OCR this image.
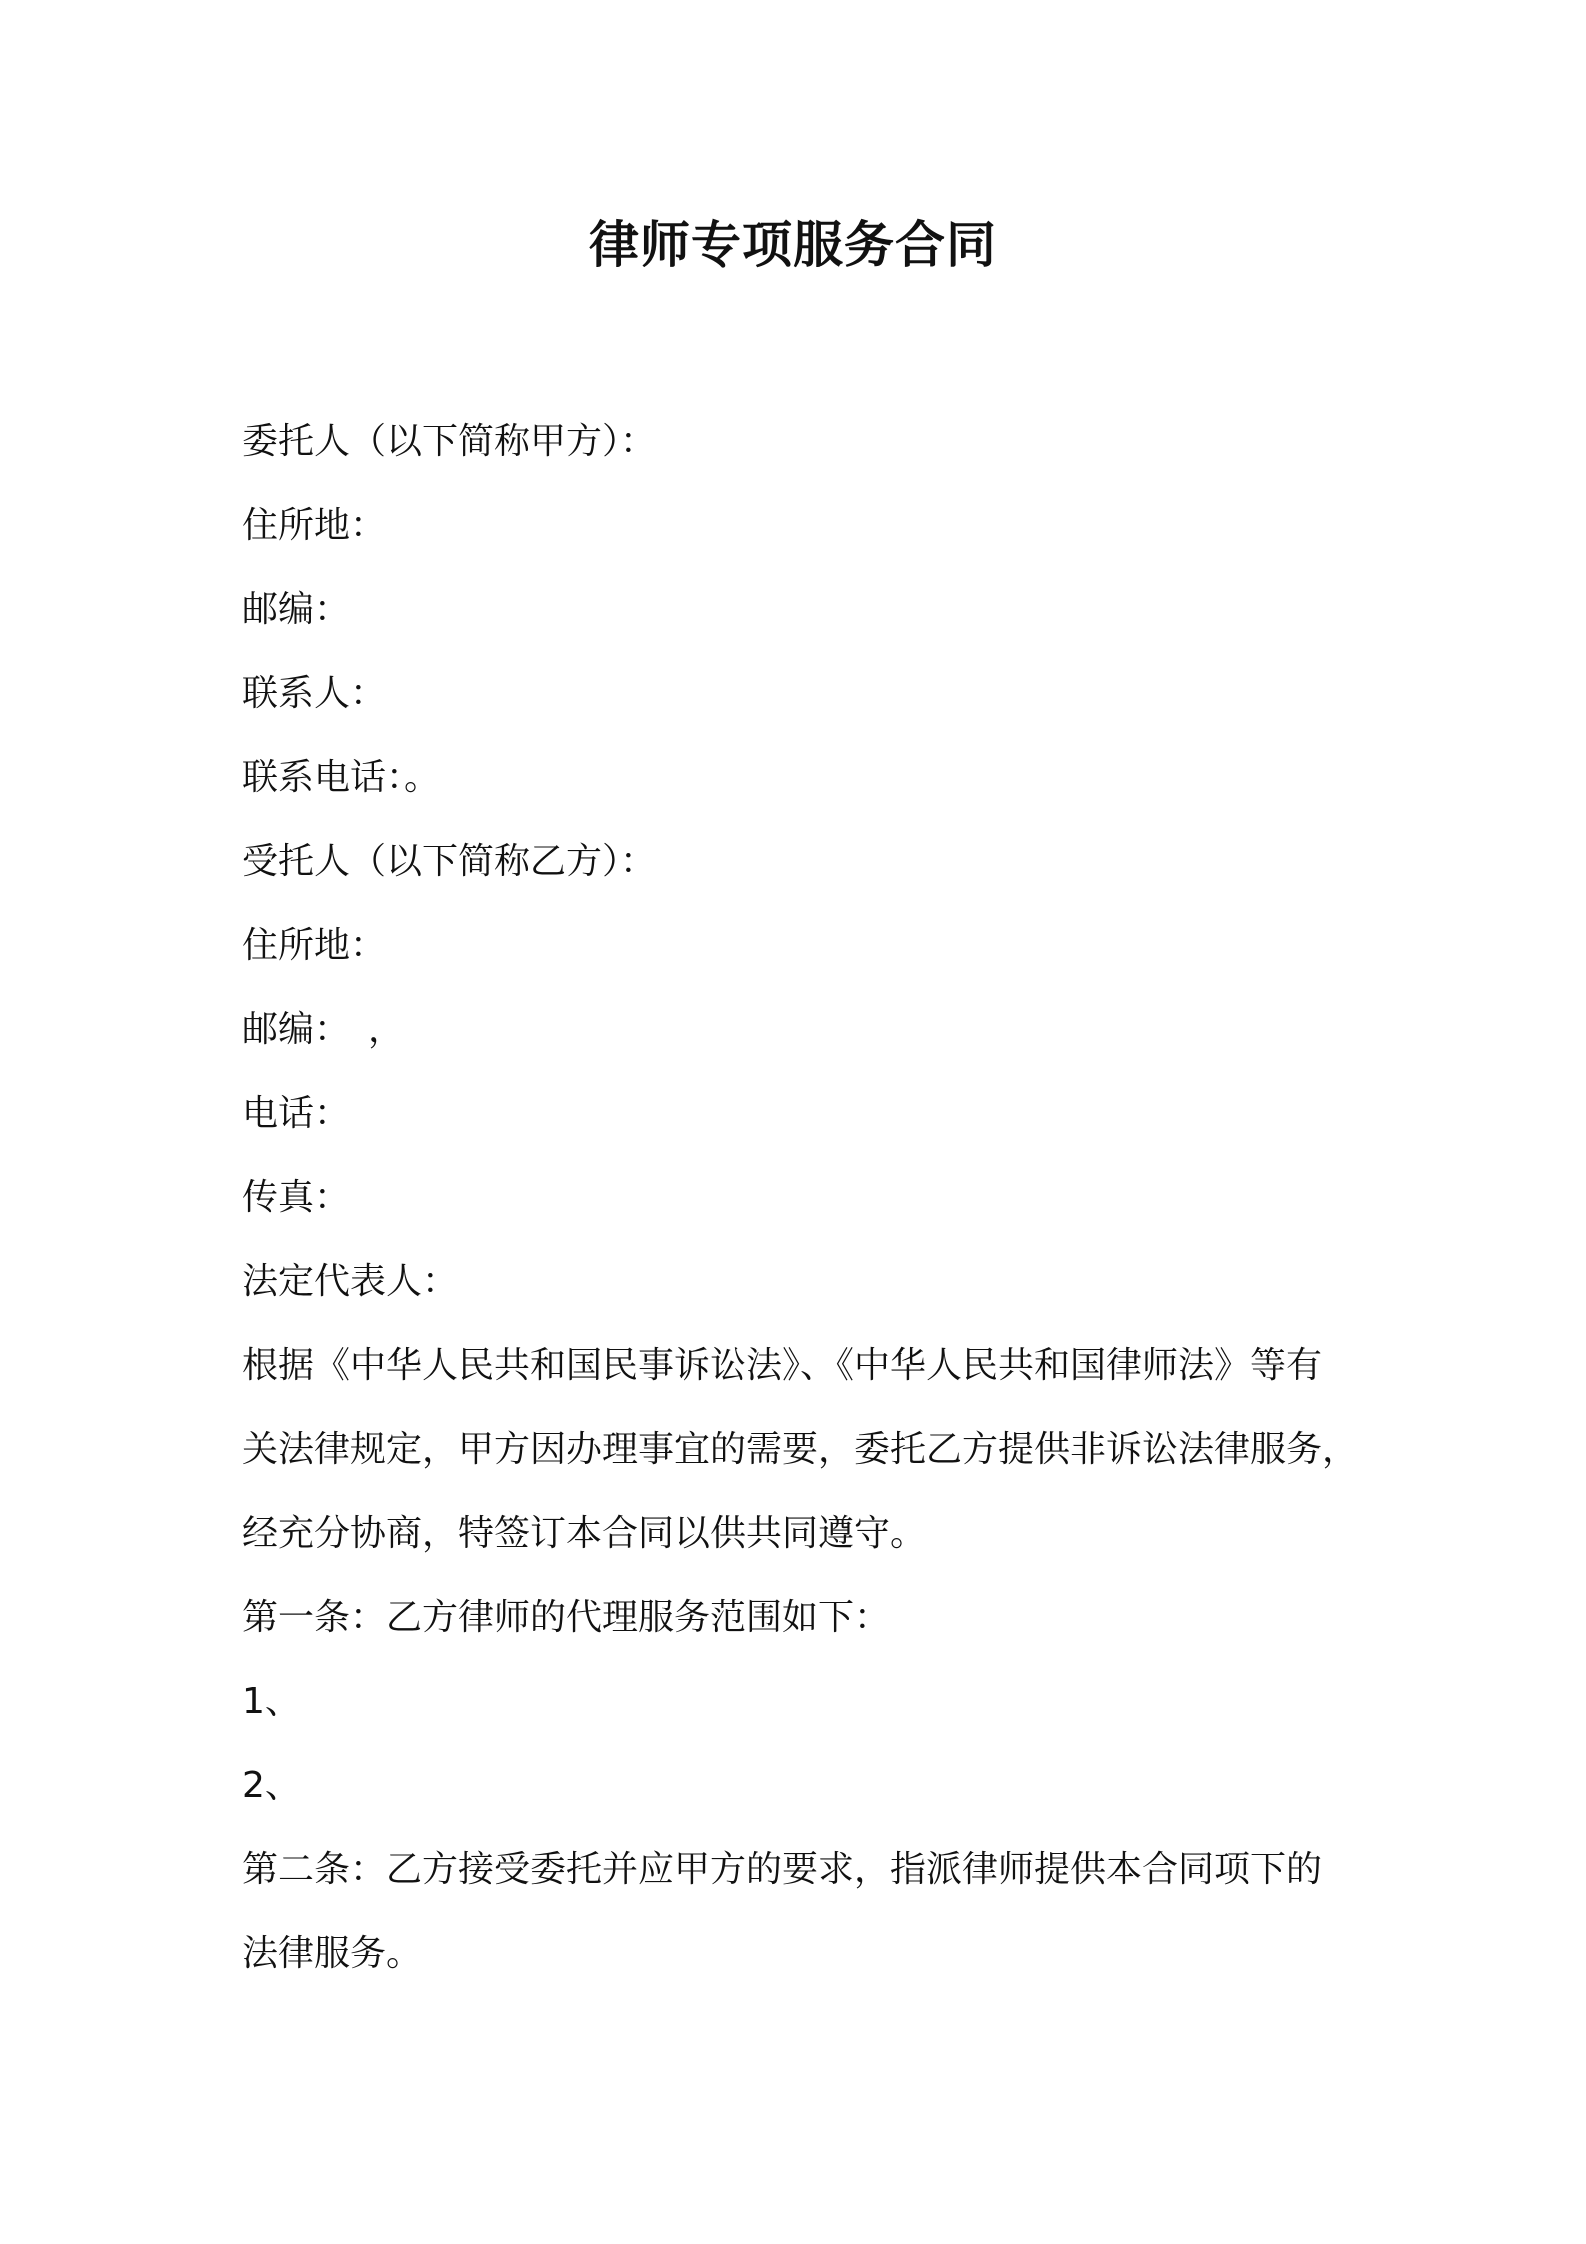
律师专项服务合同
委托人（以下简称甲方）：
住所地：
邮编：
联系人：
联系电话：。
受托人（以下简称乙方）：
住所地：
邮编：　，
电话：
传真：
法定代表人：
根据《中华人民共和国民事诉讼法》、《中华人民共和国律师法》等有
关法律规定，甲方因办理事宜的需要，委托乙方提供非诉讼法律服务，
经充分协商，特签订本合同以供共同遵守。
第一条：乙方律师的代理服务范围如下：
1、
2、
第二条：乙方接受委托并应甲方的要求，指派律师提供本合同项下的
法律服务。
